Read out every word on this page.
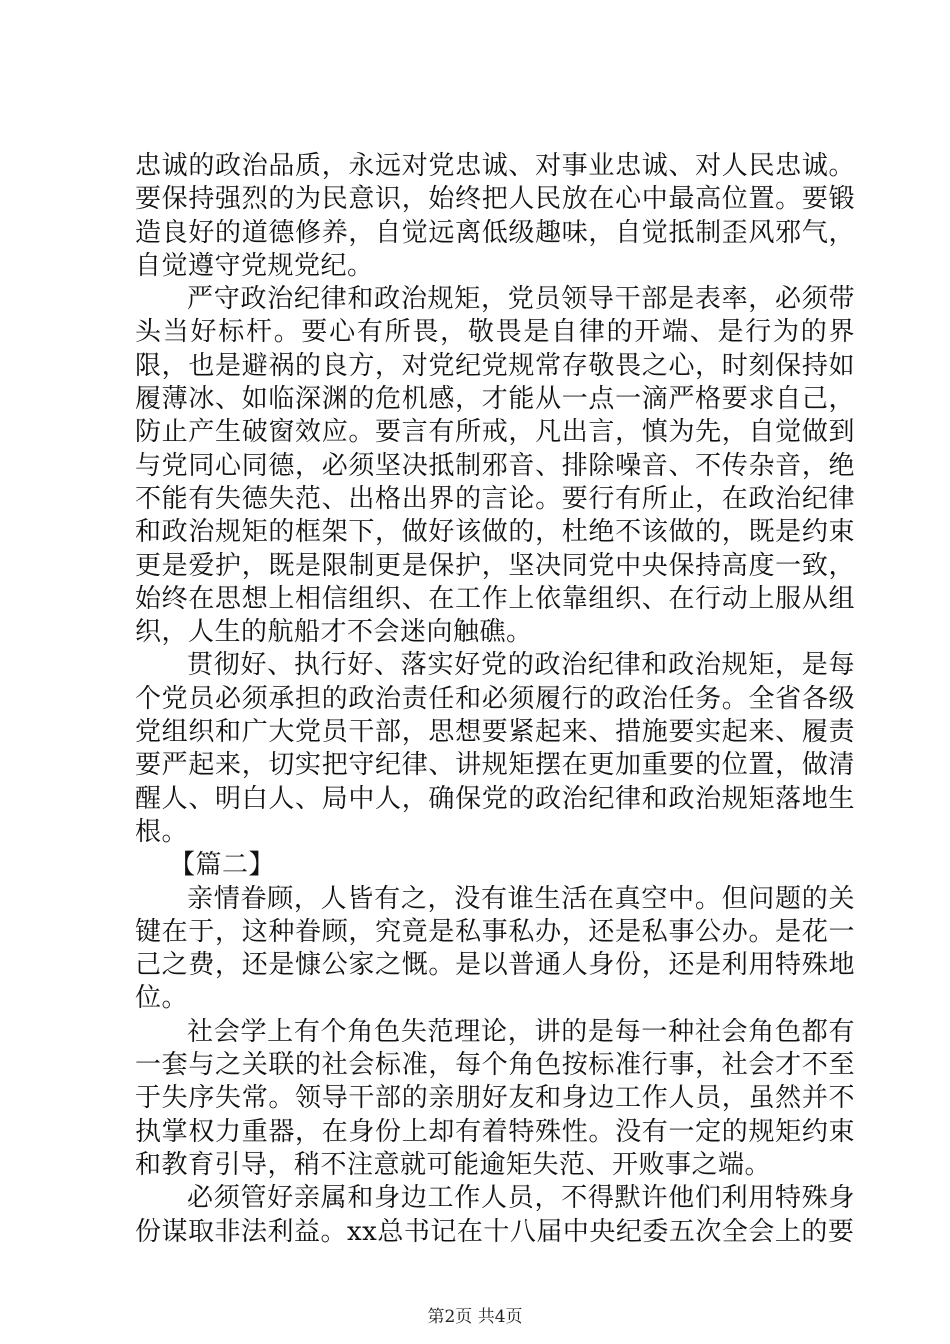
忠诚的政治品质，永远对党忠诚、对事业忠诚、对人民忠诚。要保持强烈的为民意识，始终把人民放在心中最高位置。要锻造良好的道德修养，自觉远离低级趣味，自觉抵制歪风邪气，自觉遵守党规党纪。

严守政治纪律和政治规矩，党员领导干部是表率，必须带头当好标杆。要心有所畏，敬畏是自律的开端、是行为的界限，也是避祸的良方，对党纪党规常存敬畏之心，时刻保持如履薄冰、如临深渊的危机感，才能从一点一滴严格要求自己，防止产生破窗效应。要言有所戒，凡出言，慎为先，自觉做到与党同心同德，必须坚决抵制邪音、排除噪音、不传杂音，绝不能有失德失范、出格出界的言论。要行有所止，在政治纪律和政治规矩的框架下，做好该做的，杜绝不该做的，既是约束更是爱护，既是限制更是保护，坚决同党中央保持高度一致，始终在思想上相信组织、在工作上依靠组织、在行动上服从组织，人生的航船才不会迷向触礁。

贯彻好、执行好、落实好党的政治纪律和政治规矩，是每个党员必须承担的政治责任和必须履行的政治任务。全省各级党组织和广大党员干部，思想要紧起来、措施要实起来、履责要严起来，切实把守纪律、讲规矩摆在更加重要的位置，做清醒人、明白人、局中人，确保党的政治纪律和政治规矩落地生根。

【篇二】

亲情眷顾，人皆有之，没有谁生活在真空中。但问题的关键在于，这种眷顾，究竟是私事私办，还是私事公办。是花一己之费，还是慷公家之慨。是以普通人身份，还是利用特殊地位。

社会学上有个角色失范理论，讲的是每一种社会角色都有一套与之关联的社会标准，每个角色按标准行事，社会才不至于失序失常。领导干部的亲朋好友和身边工作人员，虽然并不执掌权力重器，在身份上却有着特殊性。没有一定的规矩约束和教育引导，稍不注意就可能逾矩失范、开败事之端。

必须管好亲属和身边工作人员，不得默许他们利用特殊身份谋取非法利益。xx总书记在十八届中央纪委五次全会上的要

第2页 共4页
